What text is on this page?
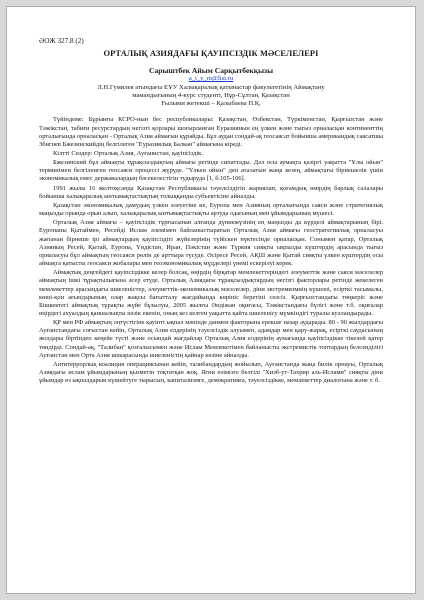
ӘОЖ 327.8 (2)

ОРТАЛЫҚ АЗИЯДАҒЫ ҚАУІПСІЗДІК МӘСЕЛЕЛЕРІ

Сарыштбек Айым Сарқытбекқызы

a_i_y_m@list.ru

Л.Н.Гумилев атындағы ЕҰУ Халықаралық қатынастар факультетінің Аймақтану

мамандығының 4-курс студенті, Нұр-Сұлтан, Қазақстан

Ғылыми жетекші – Қалыбаева П.Қ.

Түйіндеме: Бұрынғы КСРО-нын бес республикалары: Қазақстан, Өзбекстан, Түркіменстан, Қырғызстан және Тәжікстан, табиғи ресурстардың негізгі қорлары шоғырланған Еуразиянын ең үлкен және тығыз орналасқан континенттің орталығында орналасқан - Орталық Азия аймағын құрайды. Бұл аудан сондай-ақ геосаясат бойынша американдық саясатшы Збигнев Бжезинскийдің белгілеген "Еуразиялық Балкан" аймағына кіреді.

Кілтті Сөздер: Орталық Азия, Ауғанистан, қауіпсіздік.

Бжезинский бұл аймақты тұрақсыздықтың аймағы ретінде сипаттады. Дәл осы аумақта қазіргі уақытта "Ұлы ойын" терминімен белгіленген геосаяси процессі жүруде. "Үлкен ойын" деп аталатын жаңа кезең, аймақтағы бірнешелік үшін экономикалық емес державалардың бәсекелестігін тудыруда [1, б.105-106].

1991 жылы 16 желтоқсанда Қазақстан Республикасы тәуелсіздігін жариялап, қоғамдық өмірдің барлық салалары бойынша халықаралық ынтымақтастықтың толыққанды субъектісіне айналды.

Қазақстан экономикалық дамудың үлкен әлеуетіне ие, Еуропа мен Азияның орталығында саяси және стратегиялық маңызды орында орын алып, халықаралық ынтымақтастықты артуда одағының мен ұйымдарының мүшесі.

Орталық Азия аймағы – қауіпсіздік тұрғысынан алғанда дүниежүзінің ең маңызды да күрделі аймақтарының бірі. Еуропаны Қытаймен, Ресейді Ислам әлемімен байланыстыратын Орталық Азия аймағы геостратегиялық орналасуы жағынан бірнеше ірі аймақтардың қауіпсіздігі жүйелерінің түйіскен нүктесінде орналасқан. Сонымен қатар, Орталық Азияның Ресей, Қытай, Еуропа, Үндістан, Иран, Пәкістан және Түркия сияқты ықпалды күштердің арасында тығыз орналасуы бұл аймақтың геосаяси рөлін де арттыра түсуде. Әсіресе Ресей, АҚШ және Қытай сияқты үлкен күштердің осы аймақта қатысты геосаяси жобалары мен геоэкономикалық мүдделері үнемі ескерілуі керек.

Аймақтық деңгейдегі қауіпсіздікке келер болсақ, өңірдің бірқатар мемлекеттеріндегі әлеуметтік және саяси мәселелер аймақтың ішкі тұрақтылығына әсер етуде. Орталық Азиядағы тұрақсыздықтардың негізгі факторлары ретінде жекелеген мемлекеттер арасындағы шиеленістер, әлеуметтік-экономикалық мәселелер, діни экстремизмнің күшеюі, есірткі тасымалы, көші-қон ағындарының олар жақсы бағытталу жағдайында көрініс беретіні сөзсіз. Қырғызстандағы төңкеріс және Бішкектегі аймақтық тұрақты жүйе бұзылуы, 2005 жылғы Әндіжан оқиғасы, Тәжікстандағы бүлігі және т.б. оқиғалар өңірдегі ахуалдың қаншалықты нәзік екенін, оның кез келген уақытта қайта шиеленісу мүмкіндігі туралы куәландырады.

ҚР мен РФ аймақтың оңтүстігіне қауіпті ықпал мәнінде данмен факторына ерекше назар аударады. 80 - 90 жылдардағы Ауғанстандағы соғыстан кейін, Орталық Азия елдерінің тәуелсіздік алуымен, адамдар мен қару-жарақ, есірткі саудасының жолдары біртіндеп кеңейе түсті және осындай жағдайлар Орталық Азия елдерінің аумағында қауіпсіздікке тікелей қатер төндірді. Сондай-ақ, "Талибан" қозғалысымен және Ислам Мемлекетімен байланысты экстремистік топтардың белсенділігі Ауғанстан мен Орта Азия шекарасында шиеленістің қайнар көзіне айналды.

Антитеррорлық коалиция операциясынан кейін, талибандардың жойылып, Ауғанстанда жаңа билік орнауы, Орталық Азиядағы ислам ұйымдарының қызметін тоқтатқан жоқ. Ягни өзімізге белгілі "Хизб-ут-Тахрир аль-Ислами" сияқты діни ұйымдар өз ықпалдарын күшейтуге тырысып, капитализмге, демократияға, тәуелсіздікке, мемлекеттер диалогына және т. б.
